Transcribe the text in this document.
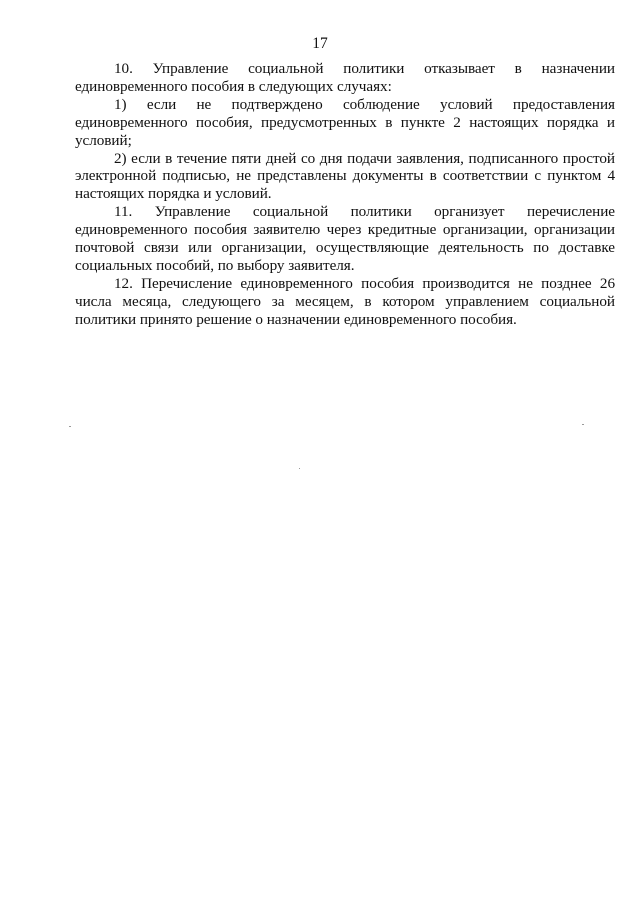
17

10. Управление социальной политики отказывает в назначении единовременного пособия в следующих случаях:

1) если не подтверждено соблюдение условий предоставления единовременного пособия, предусмотренных в пункте 2 настоящих порядка и условий;

2) если в течение пяти дней со дня подачи заявления, подписанного простой электронной подписью, не представлены документы в соответствии с пунктом 4 настоящих порядка и условий.

11. Управление социальной политики организует перечисление единовременного пособия заявителю через кредитные организации, организации почтовой связи или организации, осуществляющие деятельность по доставке социальных пособий, по выбору заявителя.

12. Перечисление единовременного пособия производится не позднее 26 числа месяца, следующего за месяцем, в котором управлением социальной политики принято решение о назначении единовременного пособия.
